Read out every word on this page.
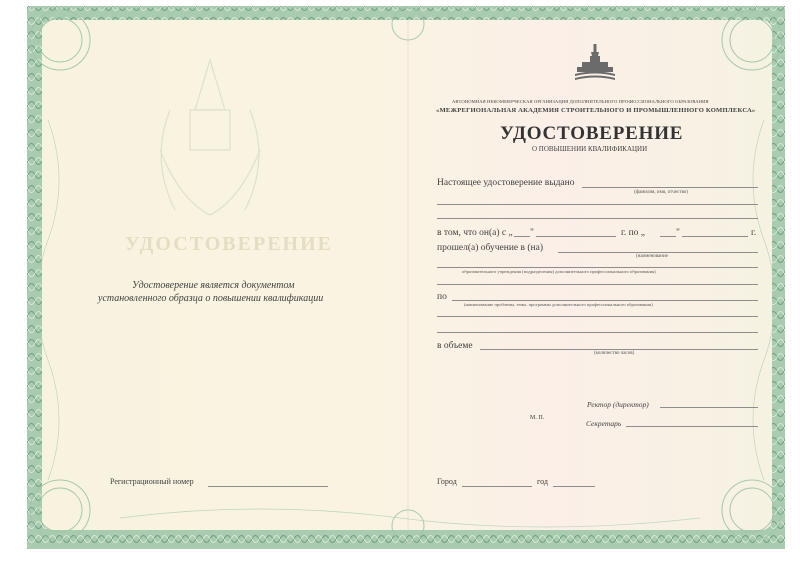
УДОСТОВЕРЕНИЕ
Удостоверение является документом
установленного образца о повышении квалификации
Регистрационный номер
АВТОНОМНАЯ НЕКОММЕРЧЕСКАЯ ОРГАНИЗАЦИЯ ДОПОЛНИТЕЛЬНОГО ПРОФЕССИОНАЛЬНОГО ОБРАЗОВАНИЯ
«МЕЖРЕГИОНАЛЬНАЯ АКАДЕМИЯ СТРОИТЕЛЬНОГО И ПРОМЫШЛЕННОГО КОМПЛЕКСА»
УДОСТОВЕРЕНИЕ
О ПОВЫШЕНИИ КВАЛИФИКАЦИИ
Настоящее удостоверение выдано
(фамилия, имя, отчество)
в том, что он(а) с „ "	г. по „	"	г.
прошел(а) обучение в (на)
(наименование
образовательного учреждения (подразделения) дополнительного профессионального образования)
по
(наименование проблемы, темы, программы дополнительного профессионального образования)
в объеме
(количество часов)
Ректор (директор)
М. П.
Секретарь
Город	год
